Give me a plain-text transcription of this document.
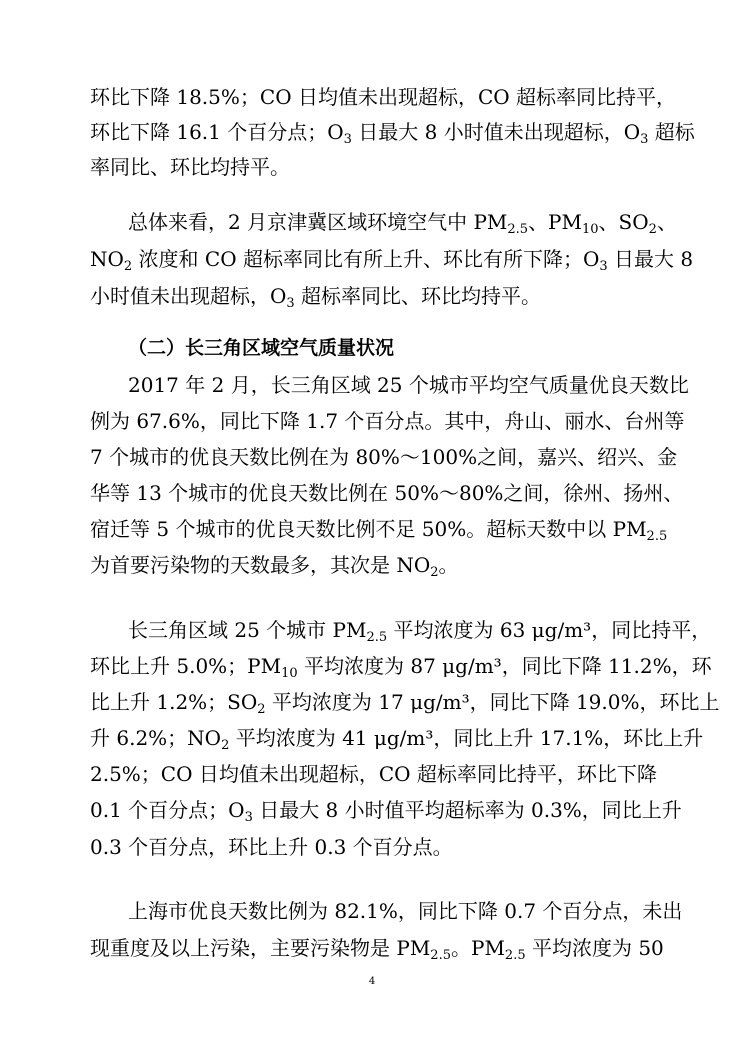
环比下降 18.5%；CO 日均值未出现超标，CO 超标率同比持平，
环比下降 16.1 个百分点；$O_3$ 日最大 8 小时值未出现超标，$O_3$ 超标
率同比、环比均持平。
总体来看，2 月京津冀区域环境空气中 $PM_{2.5}$、$PM_{10}$、$SO_2$、
$NO_2$ 浓度和 CO 超标率同比有所上升、环比有所下降；$O_3$ 日最大 8
小时值未出现超标，$O_3$ 超标率同比、环比均持平。
（二）长三角区域空气质量状况
2017 年 2 月，长三角区域 25 个城市平均空气质量优良天数比
例为 67.6%，同比下降 1.7 个百分点。其中，舟山、丽水、台州等
7 个城市的优良天数比例在为 80%～100%之间，嘉兴、绍兴、金
华等 13 个城市的优良天数比例在 50%～80%之间，徐州、扬州、
宿迁等 5 个城市的优良天数比例不足 50%。超标天数中以 $PM_{2.5}$
为首要污染物的天数最多，其次是 $NO_2$。
长三角区域 25 个城市 $PM_{2.5}$ 平均浓度为 63 μg/m³，同比持平，
环比上升 5.0%；$PM_{10}$ 平均浓度为 87 μg/m³，同比下降 11.2%，环
比上升 1.2%；$SO_2$ 平均浓度为 17 μg/m³，同比下降 19.0%，环比上
升 6.2%；$NO_2$ 平均浓度为 41 μg/m³，同比上升 17.1%，环比上升
2.5%；CO 日均值未出现超标，CO 超标率同比持平，环比下降
0.1 个百分点；$O_3$ 日最大 8 小时值平均超标率为 0.3%，同比上升
0.3 个百分点，环比上升 0.3 个百分点。
上海市优良天数比例为 82.1%，同比下降 0.7 个百分点，未出
现重度及以上污染，主要污染物是 $PM_{2.5}$。$PM_{2.5}$ 平均浓度为 50
4
